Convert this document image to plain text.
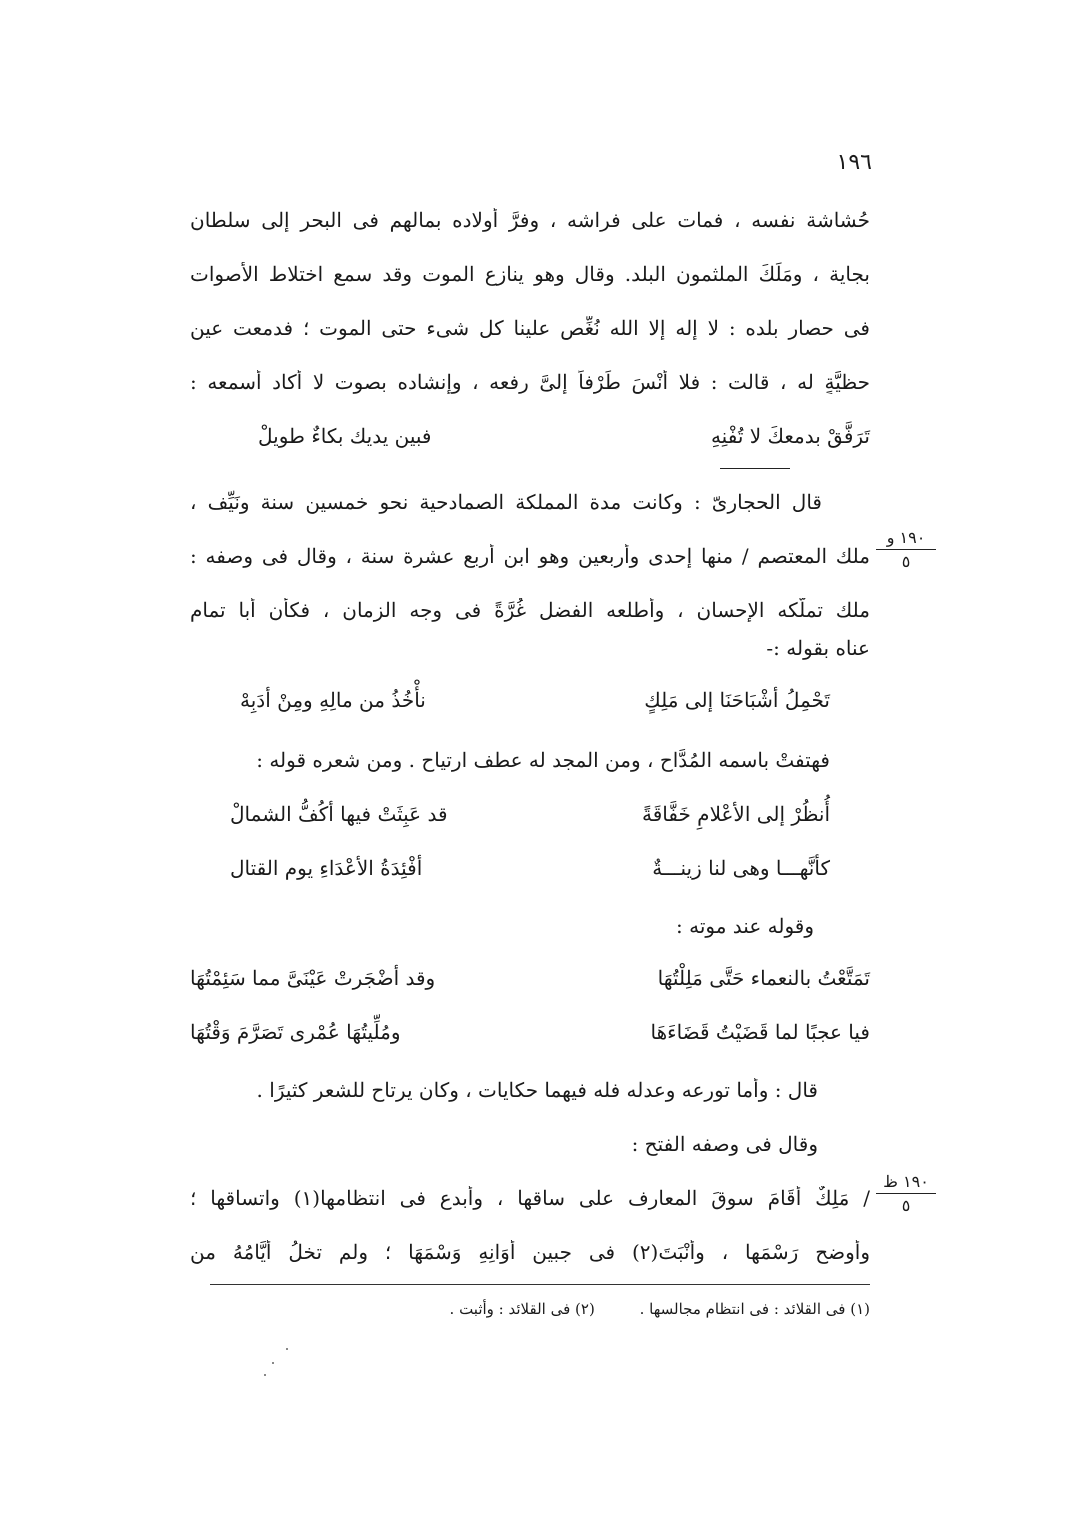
١٩٦
حُشاشة نفسه ، فمات على فراشه ، وفرَّ أولاده بمالهم فى البحر إلى سلطان
بجاية ، ومَلَكَ الملثمون البلد. وقال وهو ينازع الموت وقد سمع اختلاط الأصوات
فى حصار بلده : لا إله إلا الله نُغِّص علينا كل شىء حتى الموت ؛ فدمعت عين
حظيَّةٍ له ، قالت : فلا أنْسَ طَرْفاً إلىَّ رفعه ، وإنشاده بصوت لا أكاد أسمعه :
تَرَفَّقْ بدمعكَ لا تُفْنِهِ
فبين يديك بكاءٌ طويلْ
قال الحجارىّ : وكانت مدة المملكة الصمادحية نحو خمسين سنة ونَيِّف ،
ملك المعتصم / منها إحدى وأربعين وهو ابن أربع عشرة سنة ، وقال فى وصفه :
ملك تملَّكه الإحسان ، وأطلعه الفضل غُرَّةً فى وجه الزمان ، فكأن أبا تمام
عناه بقوله :-
تَحْمِلُ أشْبَاحَنَا إلى مَلِكٍ
نأْخُذُ من مالِهِ ومِنْ أدَبِهْ
فهتفتْ باسمه المُدَّاح ، ومن المجد له عطف ارتياح . ومن شعره قوله :
أُنظُرْ إلى الأعْلامِ خَفَّاقَةً
قد عَبِثَتْ فيها أكُفُّ الشمالْ
كأنَّهـــا وهى لنا زينـــةٌ
أفْئِدَةُ الأعْدَاءِ يوم القتال
وقوله عند موته :
تَمَتَّعْتُ بالنعماء حَتَّى مَلِلْتُهَا
وقد أضْجَرتْ عَيْنَىَّ مما سَئِمْتُهَا
فيا عجبًا لما قَضَيْتُ قَضَاءَهَا
ومُلِّيتُهَا عُمْرى تَصَرَّمَ وَقْتُهَا
قال : وأما تورعه وعدله فله فيهما حكايات ، وكان يرتاح للشعر كثيرًا .
وقال فى وصفه الفتح :
/ مَلِكٌ أقَامَ سوقَ المعارف على ساقها ، وأبدع فى انتظامها(١) واتساقها ؛
وأوضح رَسْمَها ، وأنْبَتَ(٢) فى جبين أوَانِهِ وَسْمَهَا ؛ ولم تخلُ أيَّامُهُ من
١٩٠ و
٥
١٩٠ ظ
٥
(١) فى القلائد : فى انتظام مجالسها . (٢) فى القلائد : وأثبت .
